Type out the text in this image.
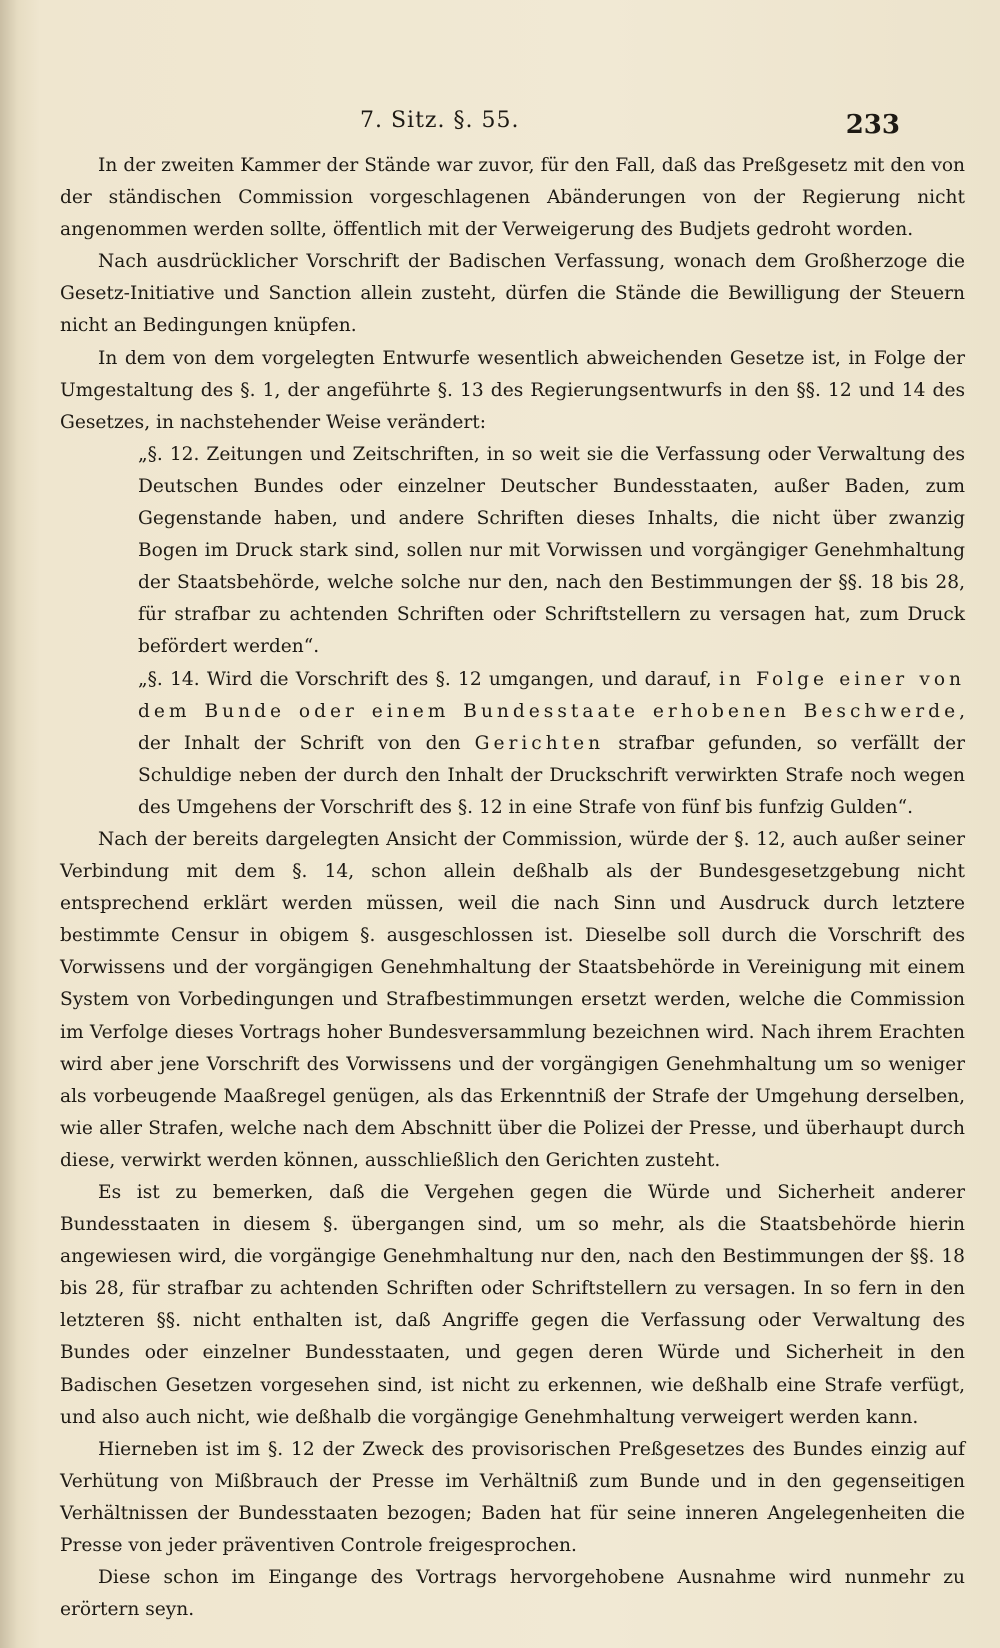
7. Sitz. §. 55.	233

In der zweiten Kammer der Stände war zuvor, für den Fall, daß das Preßgesetz mit den von der ständischen Commission vorgeschlagenen Abänderungen von der Regierung nicht angenommen werden sollte, öffentlich mit der Verweigerung des Budjets gedroht worden.

Nach ausdrücklicher Vorschrift der Badischen Verfassung, wonach dem Großherzoge die Gesetz-Initiative und Sanction allein zusteht, dürfen die Stände die Bewilligung der Steuern nicht an Bedingungen knüpfen.

In dem von dem vorgelegten Entwurfe wesentlich abweichenden Gesetze ist, in Folge der Umgestaltung des §. 1, der angeführte §. 13 des Regierungsentwurfs in den §§. 12 und 14 des Gesetzes, in nachstehender Weise verändert:

„§. 12. Zeitungen und Zeitschriften, in so weit sie die Verfassung oder Verwaltung des Deutschen Bundes oder einzelner Deutscher Bundesstaaten, außer Baden, zum Gegenstande haben, und andere Schriften dieses Inhalts, die nicht über zwanzig Bogen im Druck stark sind, sollen nur mit Vorwissen und vorgängiger Genehmhaltung der Staatsbehörde, welche solche nur den, nach den Bestimmungen der §§. 18 bis 28, für strafbar zu achtenden Schriften oder Schriftstellern zu versagen hat, zum Druck befördert werden“.

„§. 14. Wird die Vorschrift des §. 12 umgangen, und darauf, in Folge einer von dem Bunde oder einem Bundesstaate erhobenen Beschwerde, der Inhalt der Schrift von den Gerichten strafbar gefunden, so verfällt der Schuldige neben der durch den Inhalt der Druckschrift verwirkten Strafe noch wegen des Umgehens der Vorschrift des §. 12 in eine Strafe von fünf bis funfzig Gulden“.

Nach der bereits dargelegten Ansicht der Commission, würde der §. 12, auch außer seiner Verbindung mit dem §. 14, schon allein deßhalb als der Bundesgesetzgebung nicht entsprechend erklärt werden müssen, weil die nach Sinn und Ausdruck durch letztere bestimmte Censur in obigem §. ausgeschlossen ist. Dieselbe soll durch die Vorschrift des Vorwissens und der vorgängigen Genehmhaltung der Staatsbehörde in Vereinigung mit einem System von Vorbedingungen und Strafbestimmungen ersetzt werden, welche die Commission im Verfolge dieses Vortrags hoher Bundesversammlung bezeichnen wird. Nach ihrem Erachten wird aber jene Vorschrift des Vorwissens und der vorgängigen Genehmhaltung um so weniger als vorbeugende Maaßregel genügen, als das Erkenntniß der Strafe der Umgehung derselben, wie aller Strafen, welche nach dem Abschnitt über die Polizei der Presse, und überhaupt durch diese, verwirkt werden können, ausschließlich den Gerichten zusteht.

Es ist zu bemerken, daß die Vergehen gegen die Würde und Sicherheit anderer Bundesstaaten in diesem §. übergangen sind, um so mehr, als die Staatsbehörde hierin angewiesen wird, die vorgängige Genehmhaltung nur den, nach den Bestimmungen der §§. 18 bis 28, für strafbar zu achtenden Schriften oder Schriftstellern zu versagen. In so fern in den letzteren §§. nicht enthalten ist, daß Angriffe gegen die Verfassung oder Verwaltung des Bundes oder einzelner Bundesstaaten, und gegen deren Würde und Sicherheit in den Badischen Gesetzen vorgesehen sind, ist nicht zu erkennen, wie deßhalb eine Strafe verfügt, und also auch nicht, wie deßhalb die vorgängige Genehmhaltung verweigert werden kann.

Hierneben ist im §. 12 der Zweck des provisorischen Preßgesetzes des Bundes einzig auf Verhütung von Mißbrauch der Presse im Verhältniß zum Bunde und in den gegenseitigen Verhältnissen der Bundesstaaten bezogen; Baden hat für seine inneren Angelegenheiten die Presse von jeder präventiven Controle freigesprochen.

Diese schon im Eingange des Vortrags hervorgehobene Ausnahme wird nunmehr zu erörtern seyn.
